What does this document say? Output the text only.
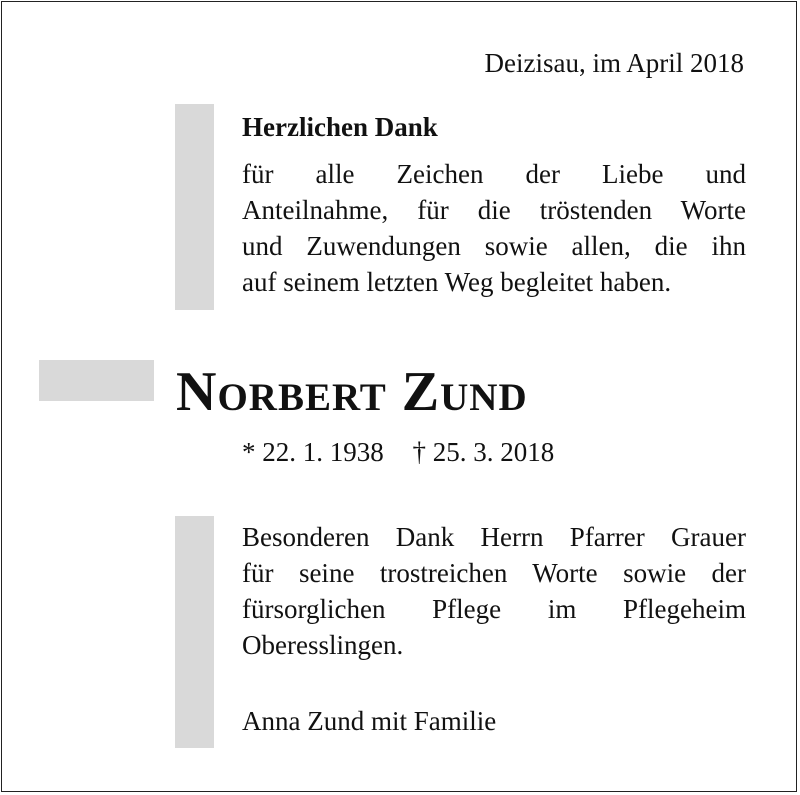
Deizisau, im April 2018
Herzlichen Dank
für alle Zeichen der Liebe und
Anteilnahme, für die tröstenden Worte
und Zuwendungen sowie allen, die ihn
auf seinem letzten Weg begleitet haben.
Norbert Zund
* 22. 1. 1938 † 25. 3. 2018
Besonderen Dank Herrn Pfarrer Grauer
für seine trostreichen Worte sowie der
fürsorglichen Pflege im Pflegeheim
Oberesslingen.
Anna Zund mit Familie
